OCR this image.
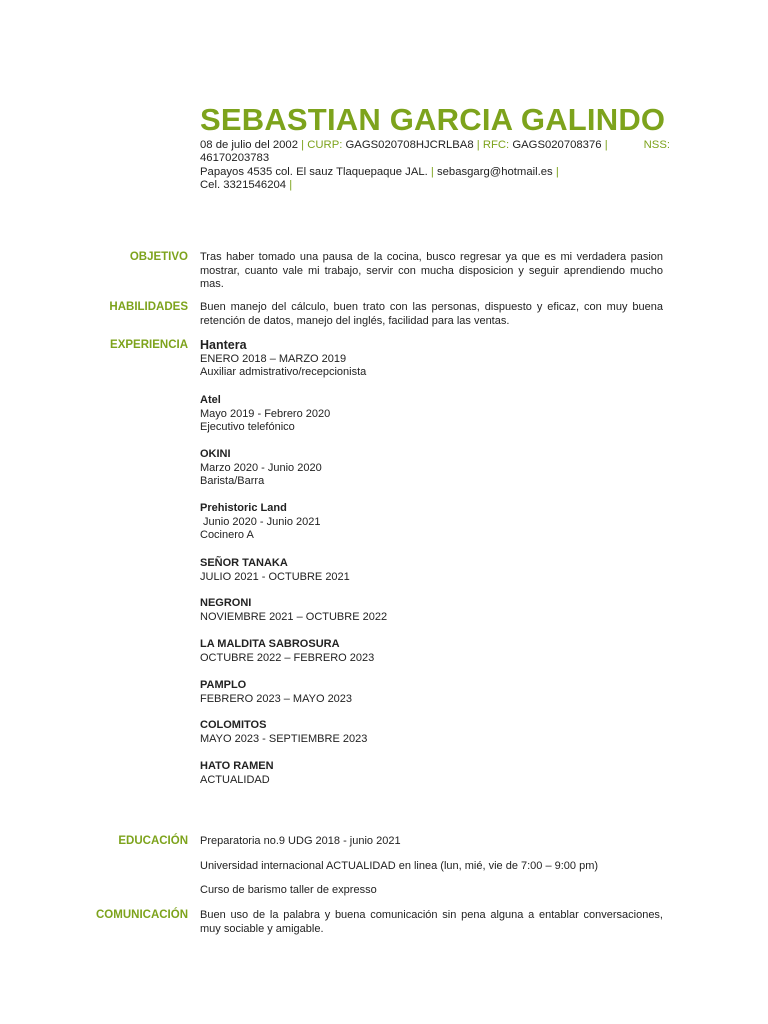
SEBASTIAN GARCIA GALINDO
08 de julio del 2002 | CURP: GAGS020708HJCRLBA8 | RFC: GAGS020708376 |	NSS:
46170203783
Papayos 4535 col. El sauz Tlaquepaque JAL. | sebasgarg@hotmail.es |
Cel. 3321546204 |
OBJETIVO Tras haber tomado una pausa de la cocina, busco regresar ya que es mi verdadera pasion mostrar, cuanto vale mi trabajo, servir con mucha disposicion y seguir aprendiendo mucho mas.
HABILIDADES Buen manejo del cálculo, buen trato con las personas, dispuesto y eficaz, con muy buena retención de datos, manejo del inglés, facilidad para las ventas.
EXPERIENCIA Hantera
ENERO 2018 – MARZO 2019
Auxiliar admistrativo/recepcionista
Atel
Mayo 2019 - Febrero 2020
Ejecutivo telefónico
OKINI
Marzo 2020 - Junio 2020
Barista/Barra
Prehistoric Land
Junio 2020 - Junio 2021
Cocinero A
SEÑOR TANAKA
JULIO 2021 - OCTUBRE 2021
NEGRONI
NOVIEMBRE 2021 – OCTUBRE 2022
LA MALDITA SABROSURA
OCTUBRE 2022 – FEBRERO 2023
PAMPLO
FEBRERO 2023 – MAYO 2023
COLOMITOS
MAYO 2023 - SEPTIEMBRE 2023
HATO RAMEN
ACTUALIDAD
EDUCACIÓN Preparatoria no.9 UDG 2018 - junio 2021
Universidad internacional ACTUALIDAD en linea (lun, mié, vie de 7:00 – 9:00 pm)
Curso de barismo taller de expresso
COMUNICACIÓN Buen uso de la palabra y buena comunicación sin pena alguna a entablar conversaciones, muy sociable y amigable.
